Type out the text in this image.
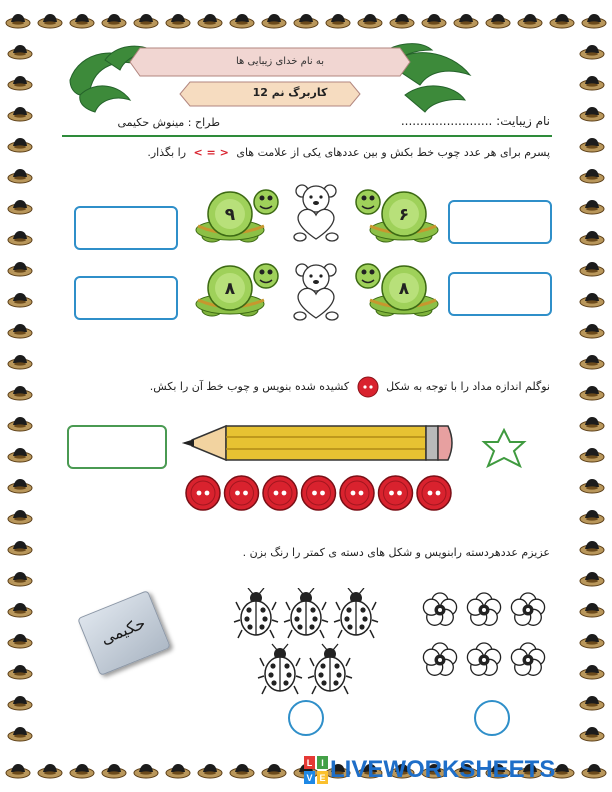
به نام خدای زیبایی ها
کاربرگ نم 12
نام زیبایت: ........................
طراح : مینوش حکیمی
پسرم برای هر عدد چوب خط بکش و بین عددهای یکی از علامت های < = > را بگذار.
۹	۶
۸	۸
نوگلم اندازه مداد را با توجه به شکل  کشیده شده بنویس و چوب خط آن را بکش.
عزیزم عددهردسته رابنویس و شکل های دسته ی کمتر را رنگ بزن .
حکیمی
L I
V E LIVEWORKSHEETS
